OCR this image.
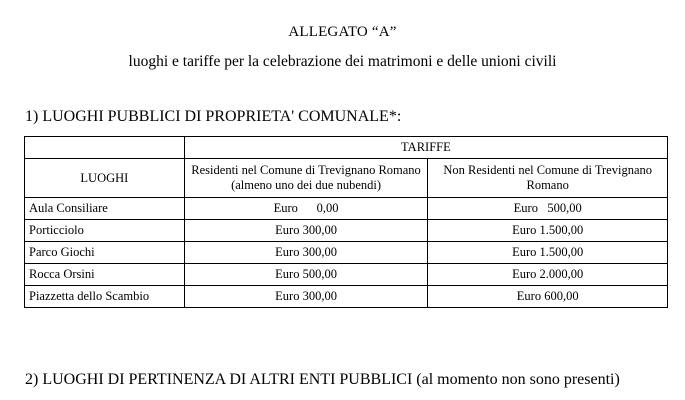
ALLEGATO “A”
luoghi e tariffe per la celebrazione dei matrimoni e delle unioni civili
1) LUOGHI PUBBLICI DI PROPRIETA' COMUNALE*:
	TARIFFE	
LUOGHI	Residenti nel Comune di Trevignano Romano (almeno uno dei due nubendi)	Non Residenti nel Comune di Trevignano Romano
Aula Consiliare	Euro      0,00	Euro   500,00
Porticciolo	Euro 300,00	Euro 1.500,00
Parco Giochi	Euro 300,00	Euro 1.500,00
Rocca Orsini	Euro 500,00	Euro 2.000,00
Piazzetta dello Scambio	Euro 300,00	Euro 600,00
2) LUOGHI DI PERTINENZA DI ALTRI ENTI PUBBLICI (al momento non sono presenti)
